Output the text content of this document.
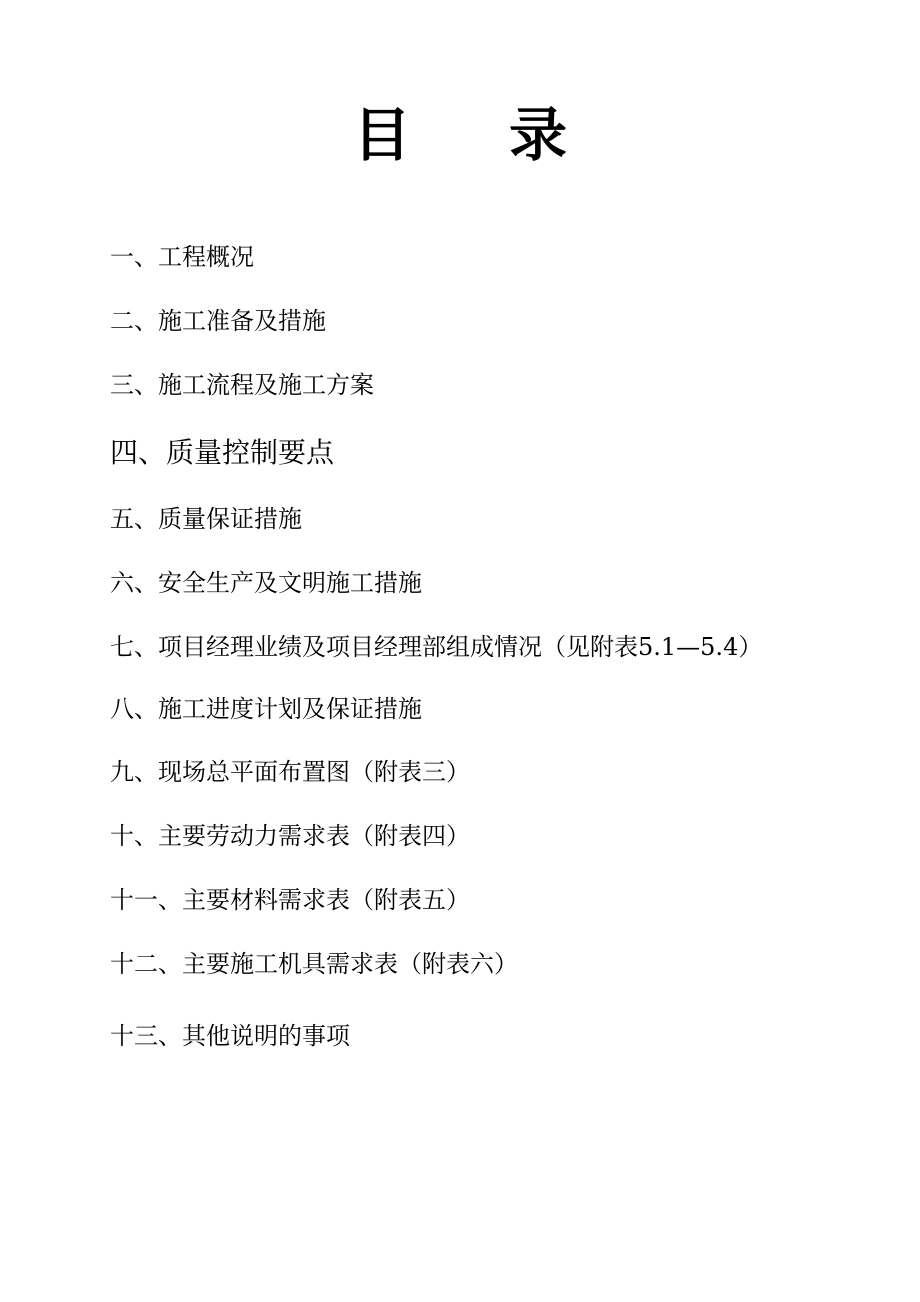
目 录
一、工程概况
二、施工准备及措施
三、施工流程及施工方案
四、质量控制要点
五、质量保证措施
六、安全生产及文明施工措施
七、项目经理业绩及项目经理部组成情况（见附表5.1—5.4）
八、施工进度计划及保证措施
九、现场总平面布置图（附表三）
十、主要劳动力需求表（附表四）
十一、主要材料需求表（附表五）
十二、主要施工机具需求表（附表六）
十三、其他说明的事项
